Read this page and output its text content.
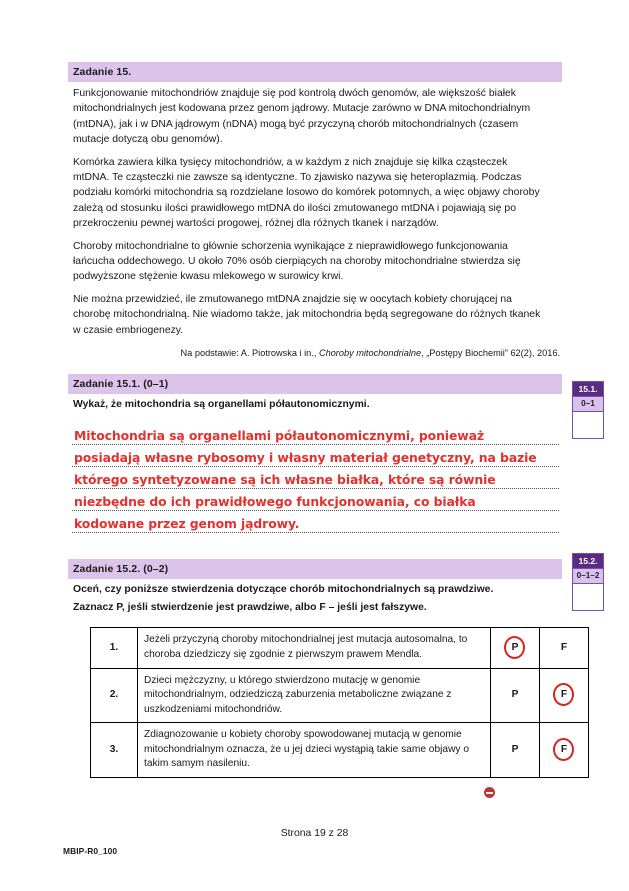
Zadanie 15.

Funkcjonowanie mitochondriów znajduje się pod kontrolą dwóch genomów, ale większość białek mitochondrialnych jest kodowana przez genom jądrowy. Mutacje zarówno w DNA mitochondrialnym (mtDNA), jak i w DNA jądrowym (nDNA) mogą być przyczyną chorób mitochondrialnych (czasem mutacje dotyczą obu genomów).

Komórka zawiera kilka tysięcy mitochondriów, a w każdym z nich znajduje się kilka cząsteczek mtDNA. Te cząsteczki nie zawsze są identyczne. To zjawisko nazywa się heteroplazmią. Podczas podziału komórki mitochondria są rozdzielane losowo do komórek potomnych, a więc objawy choroby zależą od stosunku ilości prawidłowego mtDNA do ilości zmutowanego mtDNA i pojawiają się po przekroczeniu pewnej wartości progowej, różnej dla różnych tkanek i narządów.

Choroby mitochondrialne to głównie schorzenia wynikające z nieprawidłowego funkcjonowania łańcucha oddechowego. U około 70% osób cierpiących na choroby mitochondrialne stwierdza się podwyższone stężenie kwasu mlekowego w surowicy krwi.

Nie można przewidzieć, ile zmutowanego mtDNA znajdzie się w oocytach kobiety chorującej na chorobę mitochondrialną. Nie wiadomo także, jak mitochondria będą segregowane do różnych tkanek w czasie embriogenezy.

Na podstawie: A. Piotrowska i in., Choroby mitochondrialne, „Postępy Biochemii” 62(2), 2016.

Zadanie 15.1. (0–1)
Wykaż, że mitochondria są organellami półautonomicznymi.
Mitochondria są organellami półautonomicznymi, ponieważ
posiadają własne rybosomy i własny materiał genetyczny, na bazie
którego syntetyzowane są ich własne białka, które są równie
niezbędne do ich prawidłowego funkcjonowania, co białka
kodowane przez genom jądrowy.
Zadanie 15.2. (0–2)
Oceń, czy poniższe stwierdzenia dotyczące chorób mitochondrialnych są prawdziwe.
Zaznacz P, jeśli stwierdzenie jest prawdziwe, albo F – jeśli jest fałszywe.
1.	Jeżeli przyczyną choroby mitochondrialnej jest mutacja autosomalna, to choroba dziedziczy się zgodnie z pierwszym prawem Mendla.	P	F
2.	Dzieci mężczyzny, u którego stwierdzono mutację w genomie mitochondrialnym, odziedziczą zaburzenia metaboliczne związane z uszkodzeniami mitochondriów.	P	F
3.	Zdiagnozowanie u kobiety choroby spowodowanej mutacją w genomie mitochondrialnym oznacza, że u jej dzieci wystąpią takie same objawy o takim samym nasileniu.	P	F
15.1.
0–1
15.2.
0–1–2
Strona 19 z 28
MBIP-R0_100
